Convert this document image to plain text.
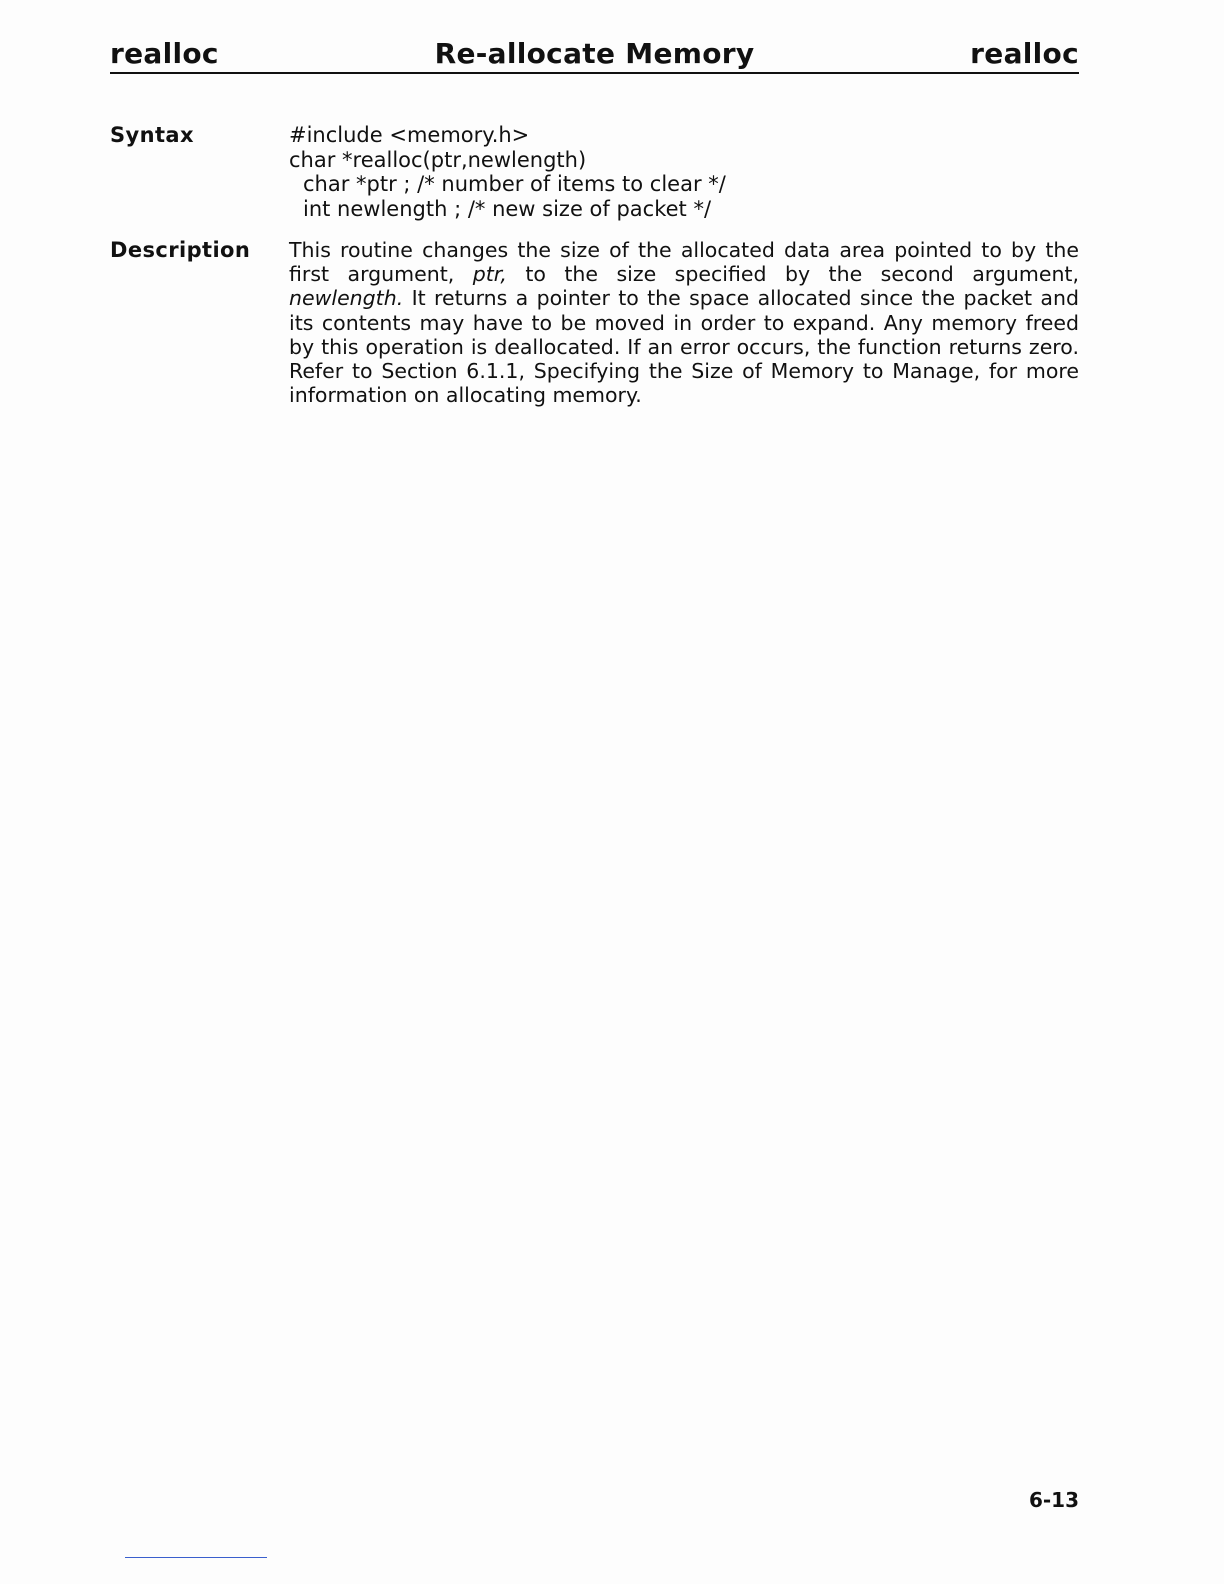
Re-allocate Memory
realloc	realloc
Syntax	#include <memory.h>
char *realloc(ptr,newlength)
char *ptr ; /* number of items to clear */
int newlength ; /* new size of packet */
Description This routine changes the size of the allocated data area pointed to by the
first argument, ptr, to the size specified by the second argument,
newlength. It returns a pointer to the space allocated since the packet and
its contents may have to be moved in order to expand. Any memory freed
by this operation is deallocated. If an error occurs, the function returns zero.
Refer to Section 6.1.1, Specifying the Size of Memory to Manage, for more
information on allocating memory.
6-13
